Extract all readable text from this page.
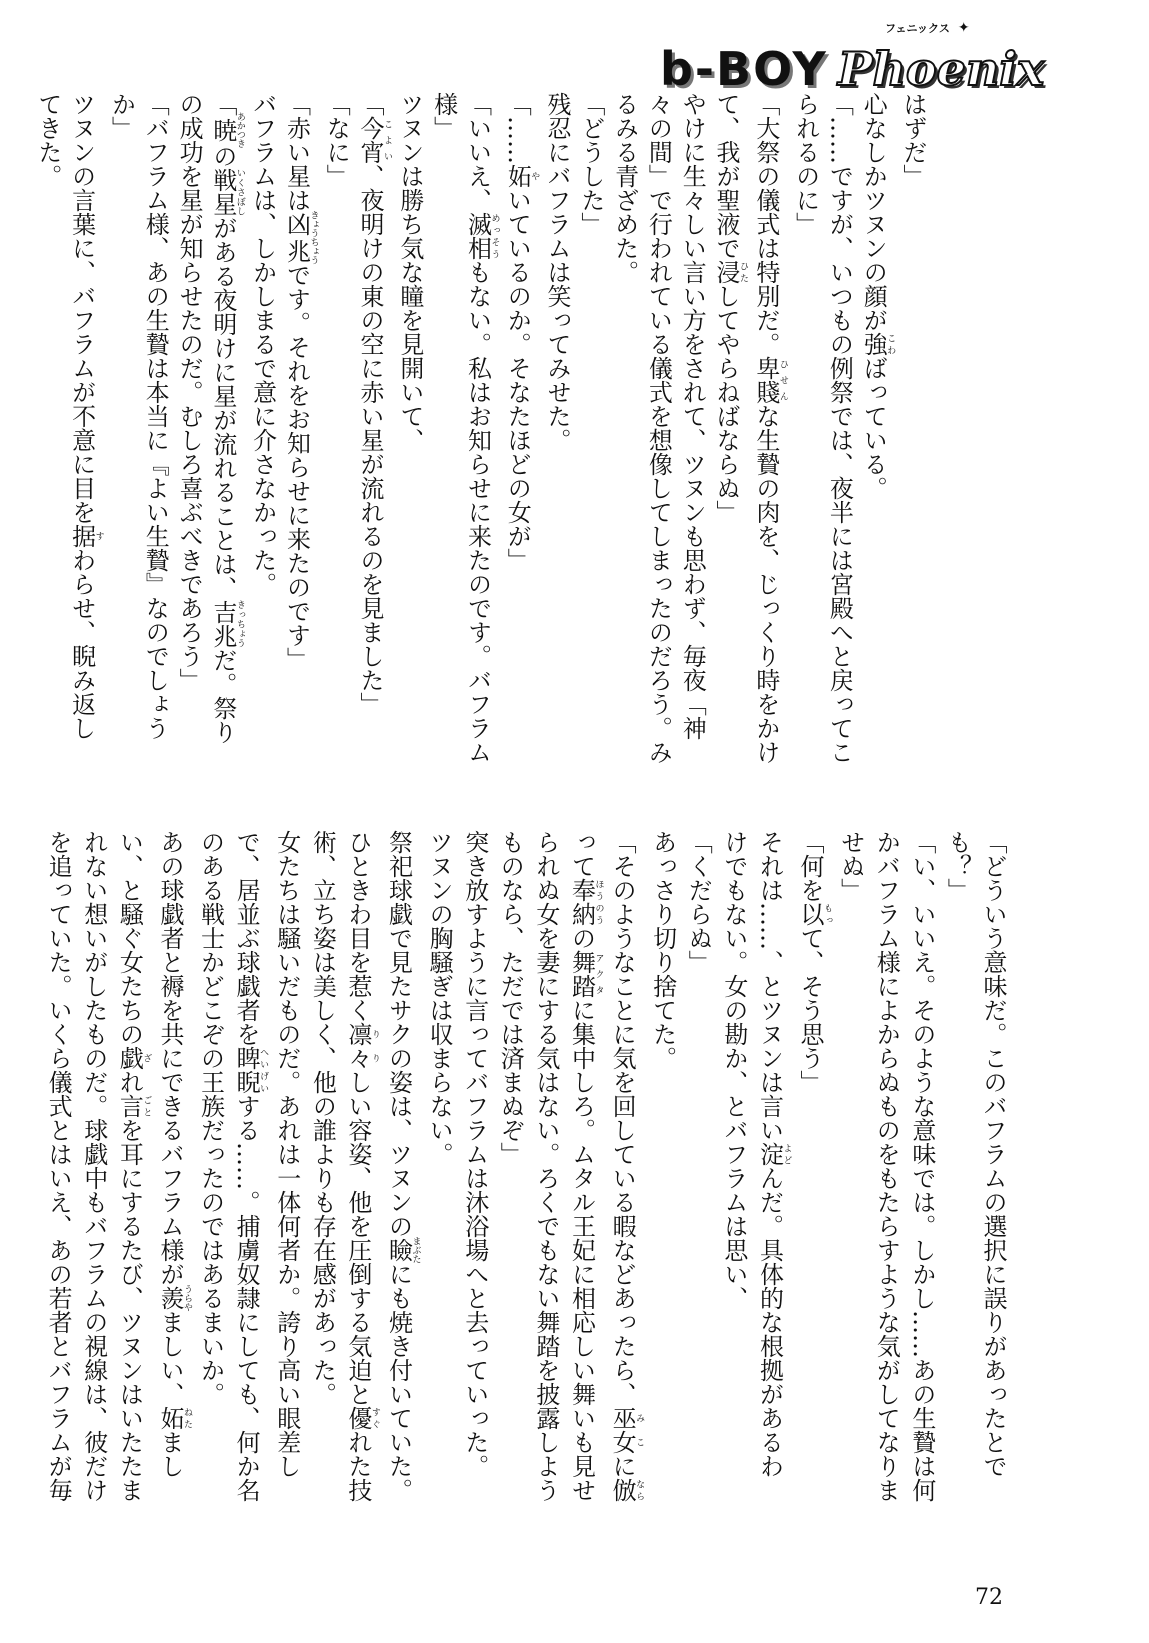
フェニックス ✦
b-BOY Phoenix
はずだ」
心なしかツヌンの顔が強こわばっている。
「……ですが、いつもの例祭では、夜半には宮殿へと戻ってこ
られるのに」
「大祭の儀式は特別だ。卑賤ひせんな生贄の肉を、じっくり時をかけ
て、我が聖液で浸ひたしてやらねばならぬ」
やけに生々しい言い方をされて、ツヌンも思わず、毎夜「神
々の間」で行われている儀式を想像してしまったのだろう。み
るみる青ざめた。
「どうした」
残忍にバフラムは笑ってみせた。
「……妬やいているのか。そなたほどの女が」
「いいえ、滅相めっそうもない。私はお知らせに来たのです。バフラム
様」
ツヌンは勝ち気な瞳を見開いて、
「今宵こよい、夜明けの東の空に赤い星が流れるのを見ました」
「なに」
「赤い星は凶兆きょうちょうです。それをお知らせに来たのです」
バフラムは、しかしまるで意に介さなかった。
「暁あかつきの戦星いくさぼしがある夜明けに星が流れることは、吉兆きっちょうだ。祭り
の成功を星が知らせたのだ。むしろ喜ぶべきであろう」
「バフラム様、あの生贄は本当に『よい生贄』なのでしょう
か」
ツヌンの言葉に、バフラムが不意に目を据すわらせ、睨み返し
てきた。
「どういう意味だ。このバフラムの選択に誤りがあったとで
も？」
「い、いいえ。そのような意味では。しかし……あの生贄は何
かバフラム様によからぬものをもたらすような気がしてなりま
せぬ」
「何を以もって、そう思う」
それは……、とツヌンは言い淀よどんだ。具体的な根拠があるわ
けでもない。女の勘か、とバフラムは思い、
「くだらぬ」
あっさり切り捨てた。
「そのようなことに気を回している暇などあったら、巫女みこに倣なら
って奉納ほうのうの舞踏アクタに集中しろ。ムタル王妃に相応しい舞いも見せ
られぬ女を妻にする気はない。ろくでもない舞踏を披露しよう
ものなら、ただでは済まぬぞ」
突き放すように言ってバフラムは沐浴場へと去っていった。
ツヌンの胸騒ぎは収まらない。
祭祀球戯で見たサクの姿は、ツヌンの瞼まぶたにも焼き付いていた。
ひときわ目を惹く凛々りりしい容姿、他を圧倒する気迫と優すぐれた技
術、立ち姿は美しく、他の誰よりも存在感があった。
女たちは騒いだものだ。あれは一体何者か。誇り高い眼差し
で、居並ぶ球戯者を睥睨へいげいする……。捕虜奴隷にしても、何か名
のある戦士かどこぞの王族だったのではあるまいか。
あの球戯者と褥を共にできるバフラム様が羨うらやましい、妬ねたまし
い、と騒ぐ女たちの戯ざれ言ごとを耳にするたび、ツヌンはいたたま
れない想いがしたものだ。球戯中もバフラムの視線は、彼だけ
を追っていた。いくら儀式とはいえ、あの若者とバフラムが毎
72
